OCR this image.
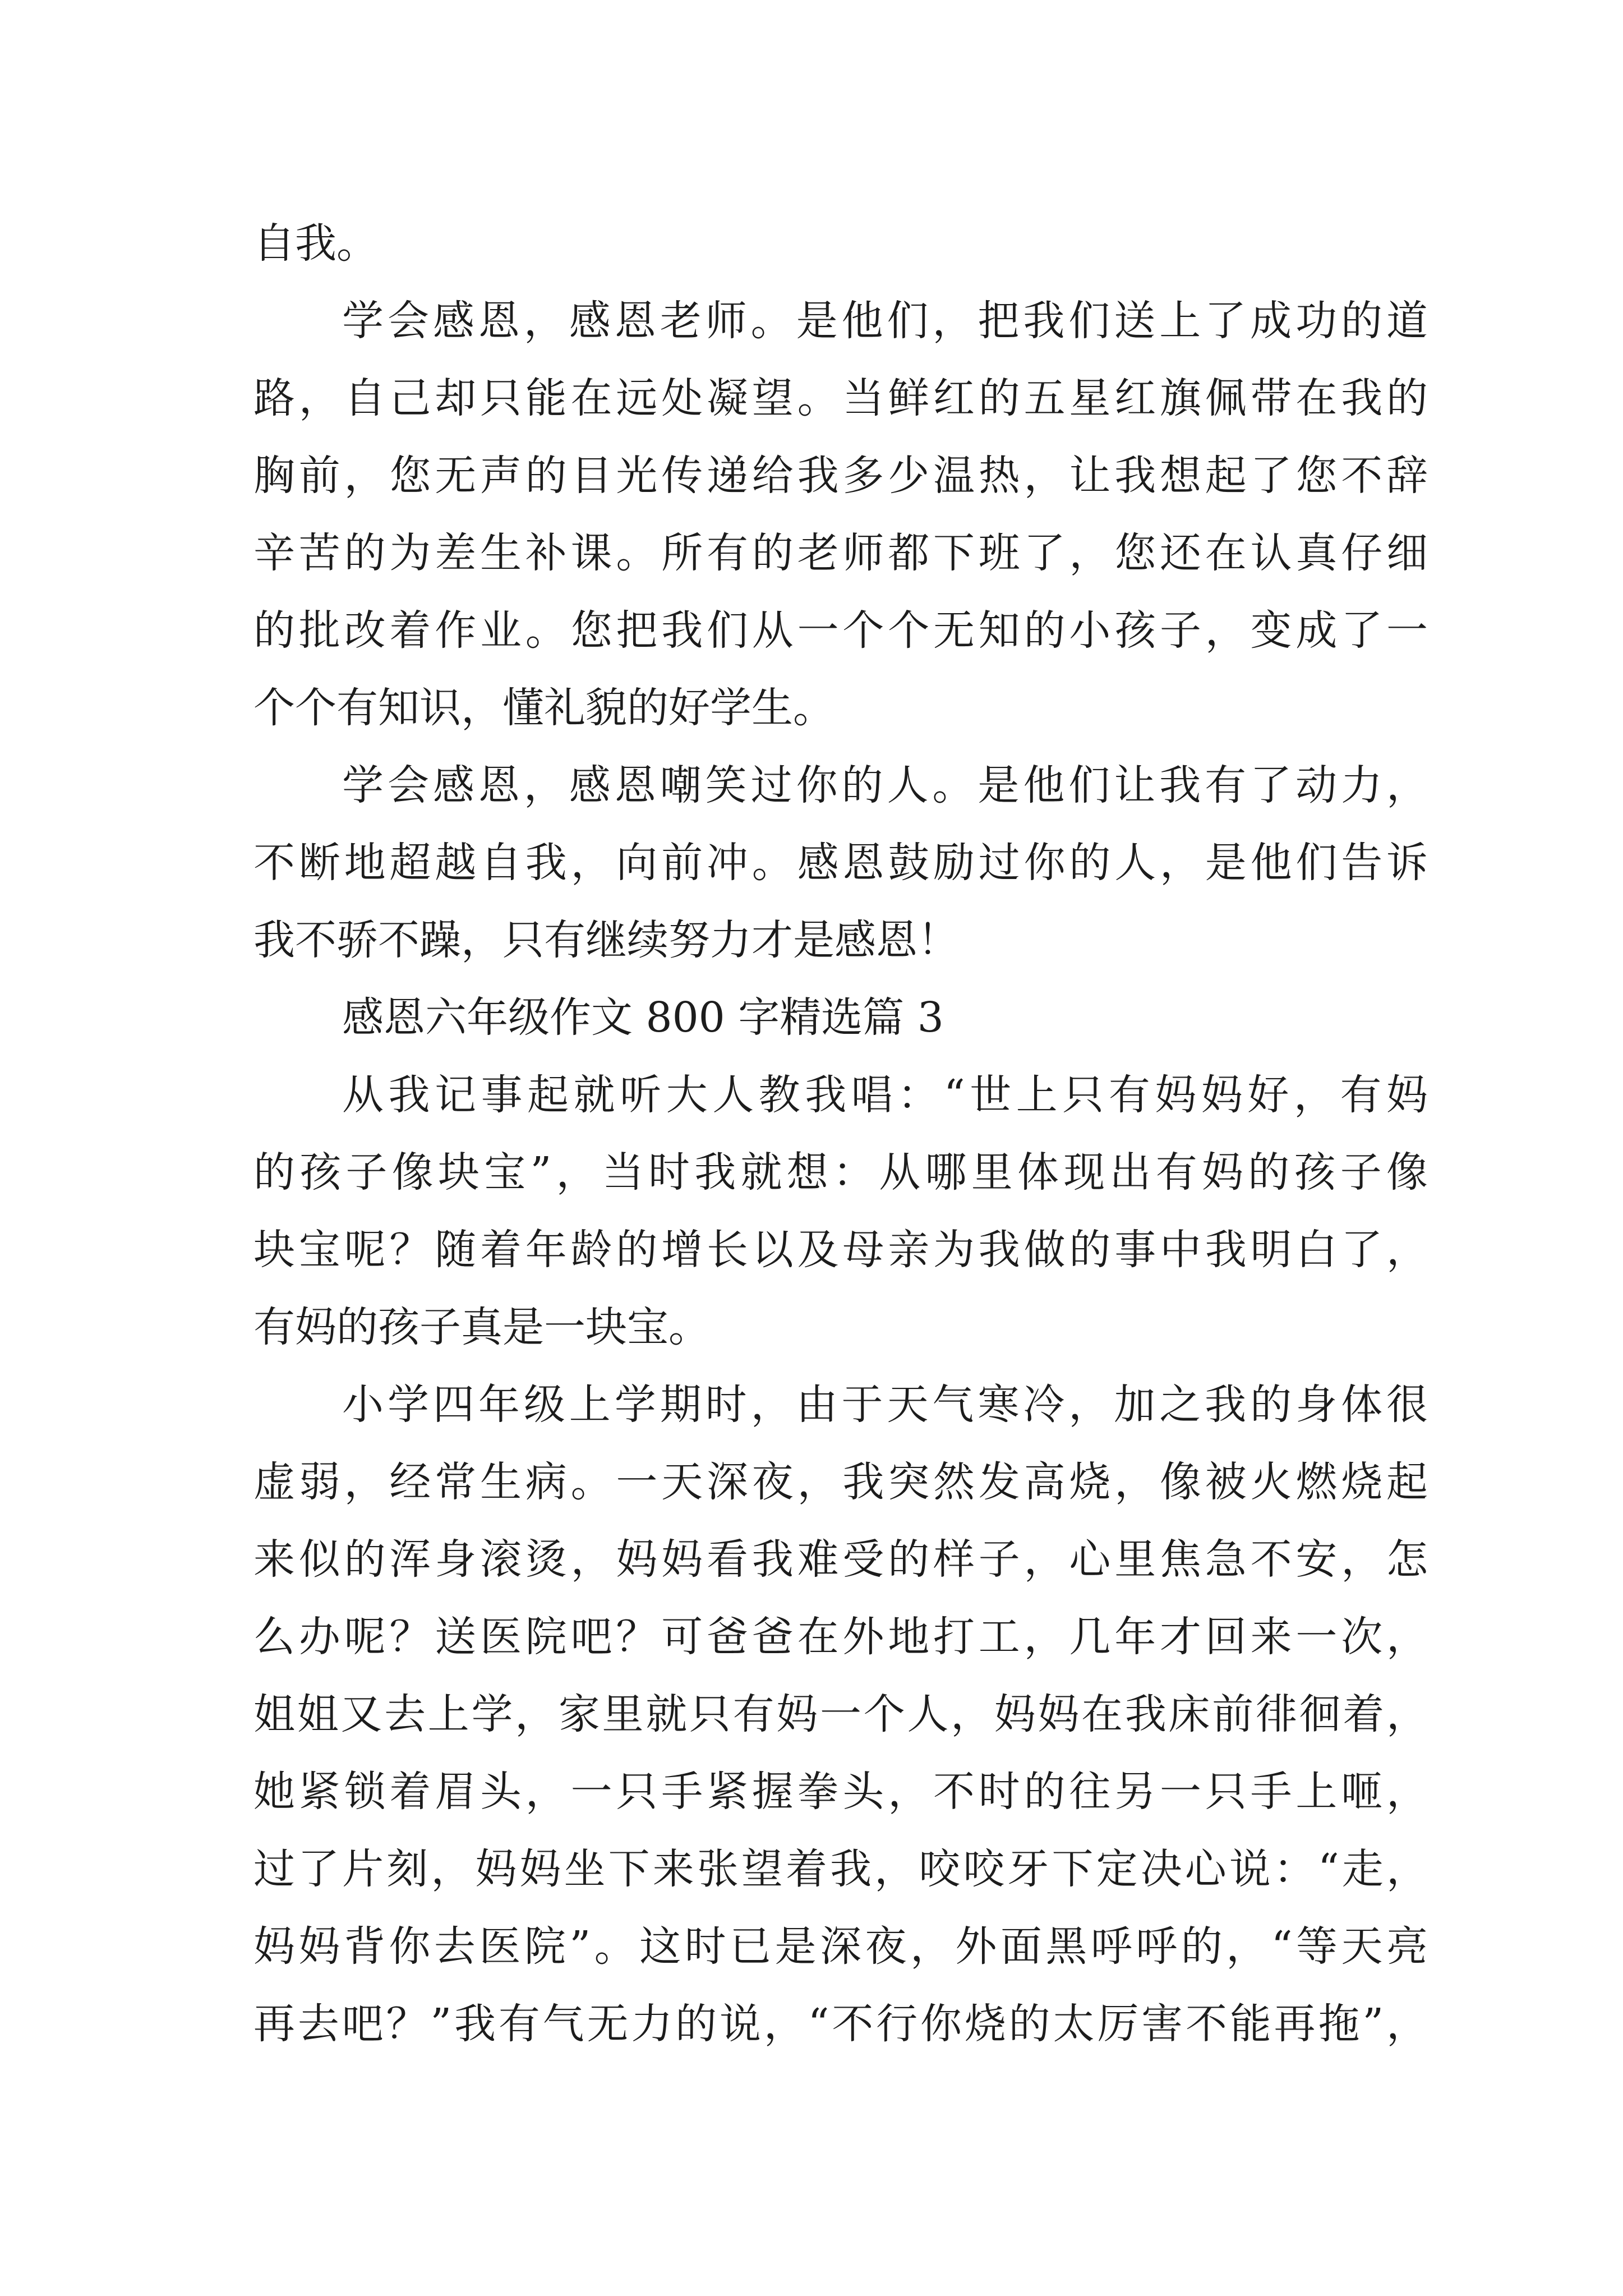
自我。
学会感恩，感恩老师。是他们，把我们送上了成功的道
路，自己却只能在远处凝望。当鲜红的五星红旗佩带在我的
胸前，您无声的目光传递给我多少温热，让我想起了您不辞
辛苦的为差生补课。所有的老师都下班了，您还在认真仔细
的批改着作业。您把我们从一个个无知的小孩子，变成了一
个个有知识，懂礼貌的好学生。
学会感恩，感恩嘲笑过你的人。是他们让我有了动力，
不断地超越自我，向前冲。感恩鼓励过你的人，是他们告诉
我不骄不躁，只有继续努力才是感恩！
感恩六年级作文 800 字精选篇 3
从我记事起就听大人教我唱：“世上只有妈妈好，有妈
的孩子像块宝”，当时我就想：从哪里体现出有妈的孩子像
块宝呢？随着年龄的增长以及母亲为我做的事中我明白了，
有妈的孩子真是一块宝。
小学四年级上学期时，由于天气寒冷，加之我的身体很
虚弱，经常生病。一天深夜，我突然发高烧，像被火燃烧起
来似的浑身滚烫，妈妈看我难受的样子，心里焦急不安，怎
么办呢？送医院吧？可爸爸在外地打工，几年才回来一次，
姐姐又去上学，家里就只有妈一个人，妈妈在我床前徘徊着，
她紧锁着眉头，一只手紧握拳头，不时的往另一只手上咂，
过了片刻，妈妈坐下来张望着我，咬咬牙下定决心说：“走，
妈妈背你去医院”。这时已是深夜，外面黑呼呼的，“等天亮
再去吧？”我有气无力的说，“不行你烧的太厉害不能再拖”，
